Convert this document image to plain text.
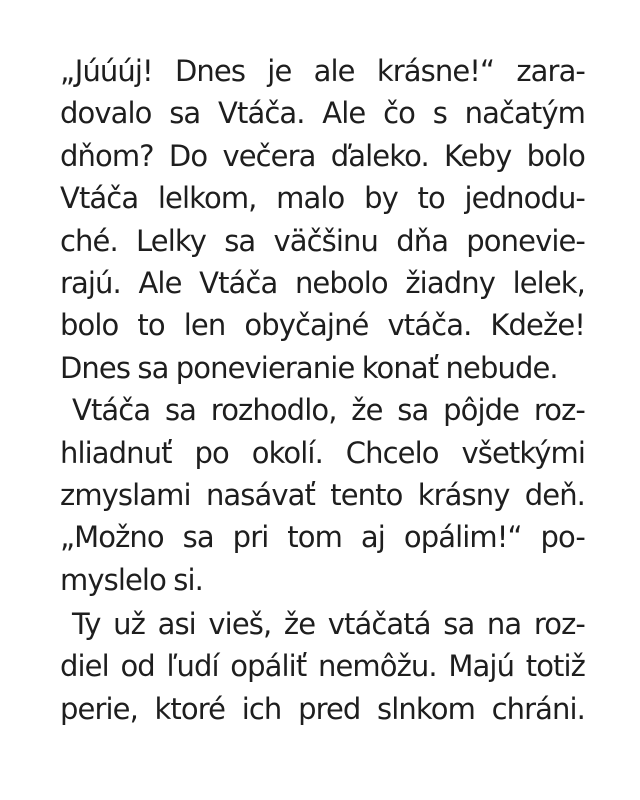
„Júúúj! Dnes je ale krásne!“ zara-
dovalo sa Vtáča. Ale čo s načatým
dňom? Do večera ďaleko. Keby bolo
Vtáča lelkom, malo by to jednodu-
ché. Lelky sa väčšinu dňa ponevie-
rajú. Ale Vtáča nebolo žiadny lelek,
bolo to len obyčajné vtáča. Kdeže!
Dnes sa ponevieranie konať nebude.
Vtáča sa rozhodlo, že sa pôjde roz-
hliadnuť po okolí. Chcelo všetkými
zmyslami nasávať tento krásny deň.
„Možno sa pri tom aj opálim!“ po-
myslelo si.
Ty už asi vieš, že vtáčatá sa na roz-
diel od ľudí opáliť nemôžu. Majú totiž
perie, ktoré ich pred slnkom chráni.
